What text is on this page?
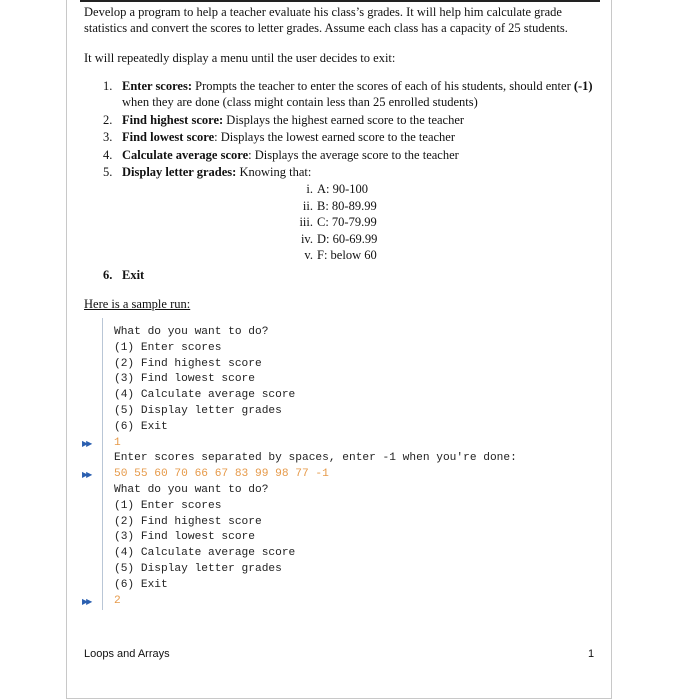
Develop a program to help a teacher evaluate his class’s grades. It will help him calculate grade statistics and convert the scores to letter grades. Assume each class has a capacity of 25 students.
It will repeatedly display a menu until the user decides to exit:
1. Enter scores: Prompts the teacher to enter the scores of each of his students, should enter (-1) when they are done (class might contain less than 25 enrolled students)
2. Find highest score: Displays the highest earned score to the teacher
3. Find lowest score: Displays the lowest earned score to the teacher
4. Calculate average score: Displays the average score to the teacher
5. Display letter grades: Knowing that:
i. A: 90-100
ii. B: 80-89.99
iii. C: 70-79.99
iv. D: 60-69.99
v. F: below 60
6. Exit
Here is a sample run:
What do you want to do?
(1) Enter scores
(2) Find highest score
(3) Find lowest score
(4) Calculate average score
(5) Display letter grades
(6) Exit
1
▶▶
Enter scores separated by spaces, enter -1 when you're done:
50 55 60 70 66 67 83 99 98 77 -1
▶▶
What do you want to do?
(1) Enter scores
(2) Find highest score
(3) Find lowest score
(4) Calculate average score
(5) Display letter grades
(6) Exit
2
▶▶
Loops and Arrays	1
